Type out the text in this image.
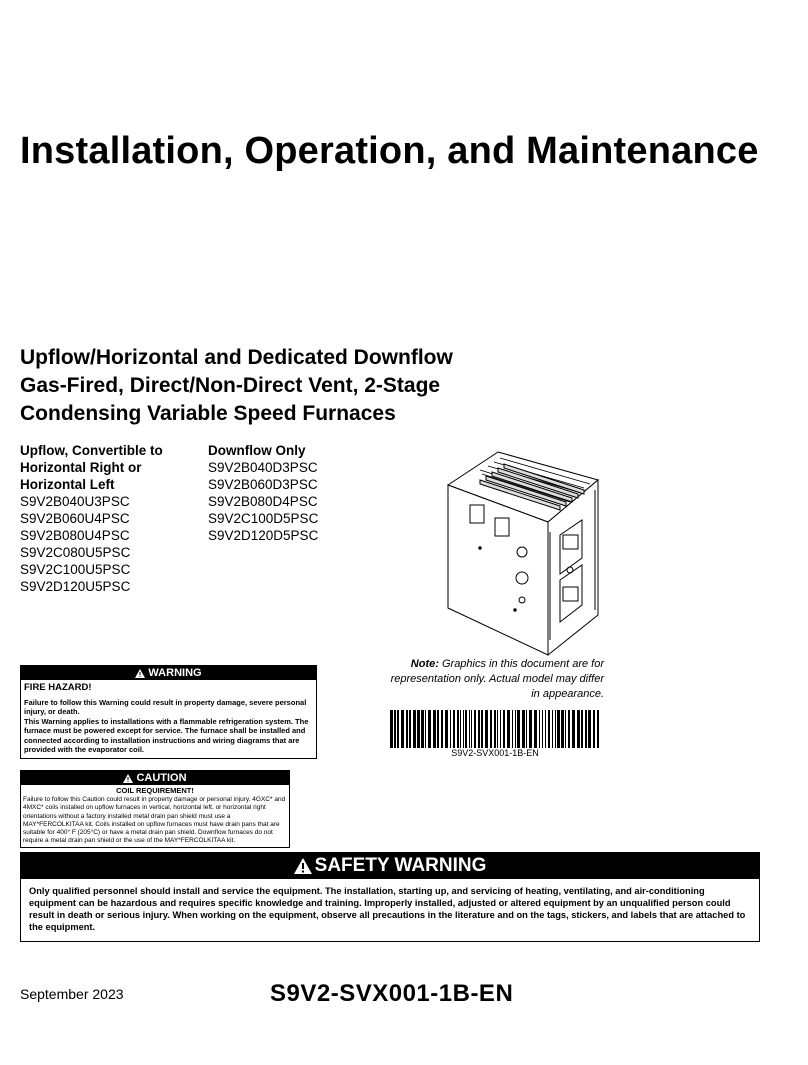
Installation, Operation, and Maintenance
Upflow/Horizontal and Dedicated Downflow
Gas-Fired, Direct/Non-Direct Vent, 2-Stage
Condensing Variable Speed Furnaces
Upflow, Convertible to
Horizontal Right or
Horizontal Left
S9V2B040U3PSC
S9V2B060U4PSC
S9V2B080U4PSC
S9V2C080U5PSC
S9V2C100U5PSC
S9V2D120U5PSC
Downflow Only
S9V2B040D3PSC
S9V2B060D3PSC
S9V2B080D4PSC
S9V2C100D5PSC
S9V2D120D5PSC
Note: Graphics in this document are for representation only. Actual model may differ in appearance.
S9V2-SVX001-1B-EN
WARNING
FIRE HAZARD!
Failure to follow this Warning could result in property damage, severe personal injury, or death.
This Warning applies to installations with a flammable refrigeration system. The furnace must be powered except for service. The furnace shall be installed and connected according to installation instructions and wiring diagrams that are provided with the evaporator coil.
CAUTION
COIL REQUIREMENT!
Failure to follow this Caution could result in property damage or personal injury. 4GXC* and 4MXC* coils installed on upflow furnaces in vertical, horizontal left, or horizontal right orientations without a factory installed metal drain pan shield must use a MAY*FERCOLKITAA kit. Coils installed on upflow furnaces must have drain pans that are suitable for 400° F (205°C) or have a metal drain pan shield. Downflow furnaces do not require a metal drain pan shield or the use of the MAY*FERCOLKITAA kit.
SAFETY WARNING
Only qualified personnel should install and service the equipment. The installation, starting up, and servicing of heating, ventilating, and air-conditioning equipment can be hazardous and requires specific knowledge and training. Improperly installed, adjusted or altered equipment by an unqualified person could result in death or serious injury. When working on the equipment, observe all precautions in the literature and on the tags, stickers, and labels that are attached to the equipment.
September 2023	S9V2-SVX001-1B-EN
